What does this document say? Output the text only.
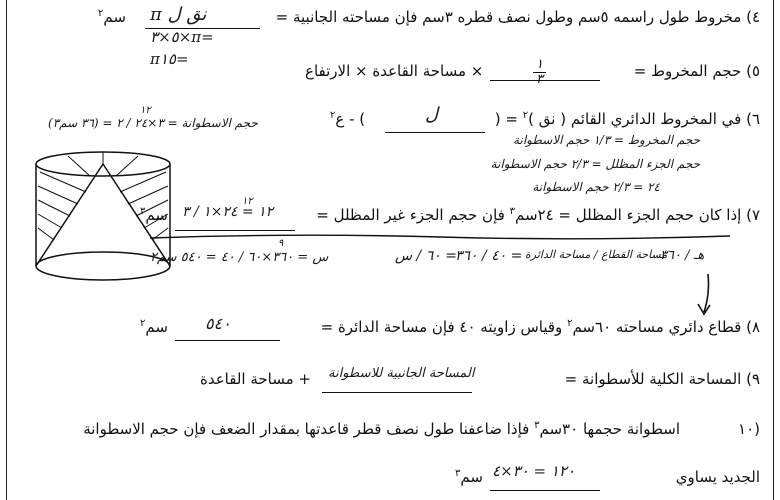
٤) مخروط طول راسمه ٥سم وطول نصف قطره ٣سم فإن مساحته الجانبية =
π نق ل
سم$^٢$
٥×٣×π=
π١٥=
٥) حجم المخروط =
١
٣
× مساحة القاعدة × الارتفاع
٦) في المخروط الدائري القائم ( نق )$^٢$ = (
ل
) - ع$^٢$
حجم المخروط = ١/٣ حجم الاسطوانة
حجم الجزء المظلل = ٢/٣ حجم الاسطوانة
٢٤ = ٢/٣ حجم الاسطوانة
١٢
حجم الاسطوانة = ٣×٢٤ / ٢ = (٣٦ سم٣)
٧) إذا كان حجم الجزء المظلل = ٢٤سم$^٣$ فإن حجم الجزء غير المظلل =
١٢
١٢ = ٢٤×١ / ٣
سم$^٣$
٩
س = ٣٦٠×٦٠ / ٤٠ = ٥٤٠ سم٢	= ٦٠ / س
= ٤٠ / ٣٦٠ مساحة القطاع / مساحة الدائرة
هـ / ٣٦٠
٨) قطاع دائري مساحته ٦٠سم$^٢$ وقياس زاويته ٤٠ فإن مساحة الدائرة =
٥٤٠
سم$^٢$
٩) المساحة الكلية للأسطوانة =
المساحة الجانبية للاسطوانة
+ مساحة القاعدة
١٠)
اسطوانة حجمها ٣٠سم$^٣$ فإذا ضاعفنا طول نصف قطر قاعدتها بمقدار الضعف فإن حجم الاسطوانة
الجديد يساوي
١٢٠ = ٣٠×٤
سم$^٣$
